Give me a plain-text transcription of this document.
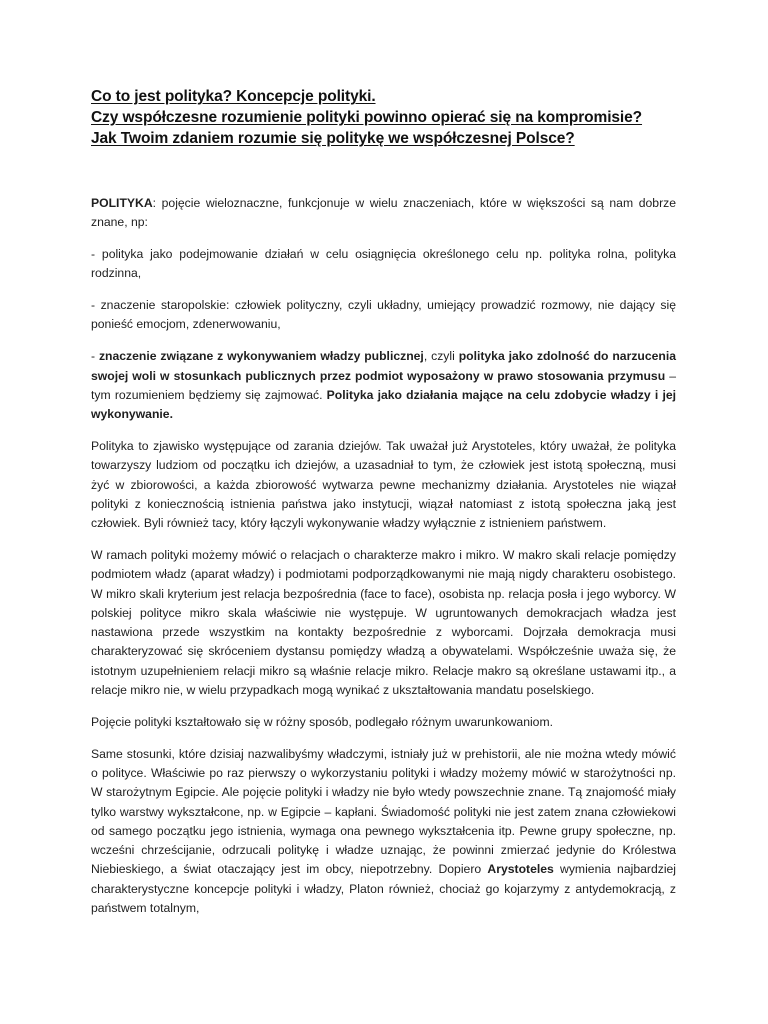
Co to jest polityka? Koncepcje polityki.
Czy współczesne rozumienie polityki powinno opierać się na kompromisie?
Jak Twoim zdaniem rozumie się politykę we współczesnej Polsce?

POLITYKA: pojęcie wieloznaczne, funkcjonuje w wielu znaczeniach, które w większości są nam dobrze znane, np:

- polityka jako podejmowanie działań w celu osiągnięcia określonego celu np. polityka rolna, polityka rodzinna,

- znaczenie staropolskie: człowiek polityczny, czyli układny, umiejący prowadzić rozmowy, nie dający się ponieść emocjom, zdenerwowaniu,

- znaczenie związane z wykonywaniem władzy publicznej, czyli polityka jako zdolność do narzucenia swojej woli w stosunkach publicznych przez podmiot wyposażony w prawo stosowania przymusu – tym rozumieniem będziemy się zajmować. Polityka jako działania mające na celu zdobycie władzy i jej wykonywanie.

Polityka to zjawisko występujące od zarania dziejów. Tak uważał już Arystoteles, który uważał, że polityka towarzyszy ludziom od początku ich dziejów, a uzasadniał to tym, że człowiek jest istotą społeczną, musi żyć w zbiorowości, a każda zbiorowość wytwarza pewne mechanizmy działania. Arystoteles nie wiązał polityki z koniecznością istnienia państwa jako instytucji, wiązał natomiast z istotą społeczna jaką jest człowiek. Byli również tacy, który łączyli wykonywanie władzy wyłącznie z istnieniem państwem.

W ramach polityki możemy mówić o relacjach o charakterze makro i mikro. W makro skali relacje pomiędzy podmiotem władz (aparat władzy) i podmiotami podporządkowanymi nie mają nigdy charakteru osobistego. W mikro skali kryterium jest relacja bezpośrednia (face to face), osobista np. relacja posła i jego wyborcy. W polskiej polityce mikro skala właściwie nie występuje. W ugruntowanych demokracjach władza jest nastawiona przede wszystkim na kontakty bezpośrednie z wyborcami. Dojrzała demokracja musi charakteryzować się skróceniem dystansu pomiędzy władzą a obywatelami. Współcześnie uważa się, że istotnym uzupełnieniem relacji mikro są właśnie relacje mikro. Relacje makro są określane ustawami itp., a relacje mikro nie, w wielu przypadkach mogą wynikać z ukształtowania mandatu poselskiego.

Pojęcie polityki kształtowało się w różny sposób, podlegało różnym uwarunkowaniom.

Same stosunki, które dzisiaj nazwalibyśmy władczymi, istniały już w prehistorii, ale nie można wtedy mówić o polityce. Właściwie po raz pierwszy o wykorzystaniu polityki i władzy możemy mówić w starożytności np. W starożytnym Egipcie. Ale pojęcie polityki i władzy nie było wtedy powszechnie znane. Tą znajomość miały tylko warstwy wykształcone, np. w Egipcie – kapłani. Świadomość polityki nie jest zatem znana człowiekowi od samego początku jego istnienia, wymaga ona pewnego wykształcenia itp. Pewne grupy społeczne, np. wcześni chrześcijanie, odrzucali politykę i władze uznając, że powinni zmierzać jedynie do Królestwa Niebieskiego, a świat otaczający jest im obcy, niepotrzebny. Dopiero Arystoteles wymienia najbardziej charakterystyczne koncepcje polityki i władzy, Platon również, chociaż go kojarzymy z antydemokracją, z państwem totalnym,
